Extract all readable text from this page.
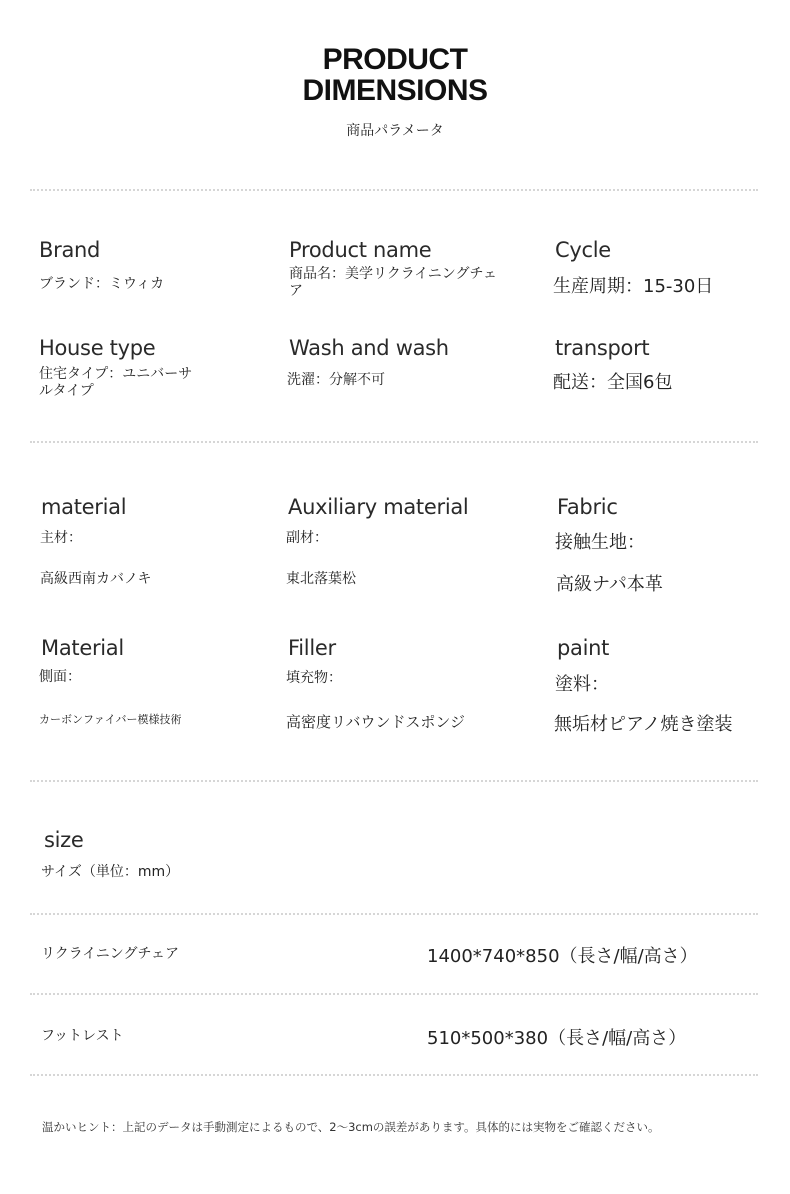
PRODUCT
DIMENSIONS
商品パラメータ
Brand
ブランド：ミウィカ
Product name
商品名：美学リクライニングチェア
Cycle
生産周期：15-30日
House type
住宅タイプ：ユニバーサルタイプ
Wash and wash
洗濯：分解不可
transport
配送：全国6包
material
主材：
高級西南カバノキ
Auxiliary material
副材：
東北落葉松
Fabric
接触生地：
高級ナパ本革
Material
側面：
カーボンファイバー模様技術
Filler
填充物：
高密度リバウンドスポンジ
paint
塗料：
無垢材ピアノ焼き塗装
size
サイズ（単位：mm）
リクライニングチェア	1400*740*850（長さ/幅/高さ）
フットレスト	510*500*380（長さ/幅/高さ）
温かいヒント：上記のデータは手動測定によるもので、2～3cmの誤差があります。具体的には実物をご確認ください。
